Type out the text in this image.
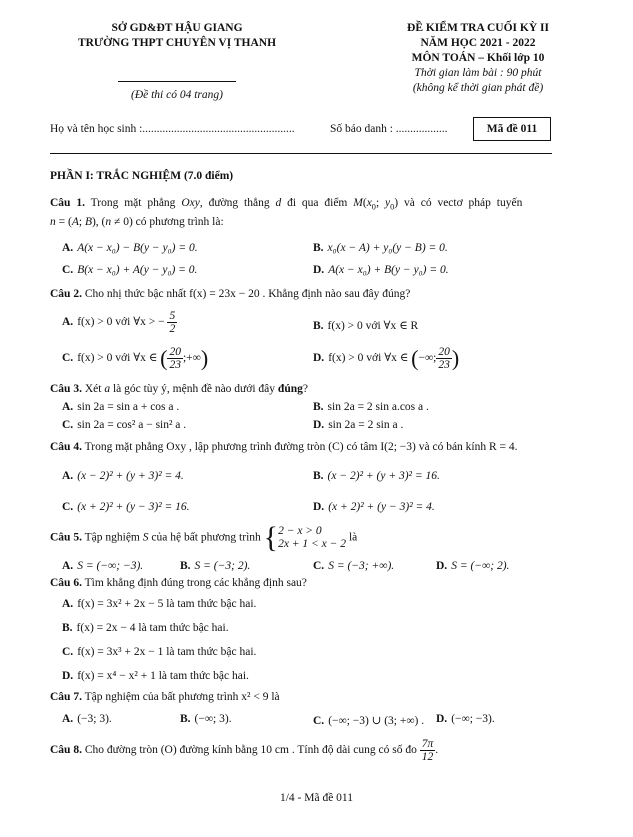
SỞ GD&ĐT HẬU GIANG
TRƯỜNG THPT CHUYÊN VỊ THANH
(Đề thi có 04 trang)
ĐỀ KIỂM TRA CUỐI KỲ II
NĂM HỌC 2021 - 2022
MÔN TOÁN – Khối lớp 10
Thời gian làm bài : 90 phút
(không kể thời gian phát đề)
Họ và tên học sinh :.....................................................	Số báo danh : ..................	Mã đề 011
PHẦN I: TRẮC NGHIỆM (7.0 điểm)
Câu 1. Trong mặt phẳng Oxy, đường thẳng d đi qua điểm $M(x_0$; $y_0$) và có vectơ pháp tuyến
n = (A; B), (n ≠ 0) có phương trình là:
A. A(x − x₀) − B(y − y₀) = 0.	B. x₀(x − A) + y₀(y − B) = 0.
C. B(x − x₀) + A(y − y₀) = 0.	D. A(x − x₀) + B(y − y₀) = 0.
Câu 2. Cho nhị thức bậc nhất f(x) = 23x − 20 . Khẳng định nào sau đây đúng?
A. f(x) > 0 với ∀x > − $\frac{5}{2}$	B. f(x) > 0 với ∀x ∈ R
C. f(x) > 0 với ∀x ∈ ( $\frac{20}{23}$ ;+∞)	D. f(x) > 0 với ∀x ∈ (−∞; $\frac{20}{23}$ )
Câu 3. Xét a là góc tùy ý, mệnh đề nào dưới đây đúng?
A. sin 2a = sin a + cos a .	B. sin 2a = 2 sin a.cos a .
C. sin 2a = cos² a − sin² a .	D. sin 2a = 2 sin a .
Câu 4. Trong mặt phẳng Oxy , lập phương trình đường tròn (C) có tâm I(2; −3) và có bán kính R = 4.
A. (x − 2)² + (y + 3)² = 4.	B. (x − 2)² + (y + 3)² = 16.
C. (x + 2)² + (y − 3)² = 16.	D. (x + 2)² + (y − 3)² = 4.
Câu 5. Tập nghiệm S của hệ bất phương trình { 2 − x > 0
2x + 1 < x − 2
là
A. S = (−∞; −3).	B. S = (−3; 2).	C. S = (−3; +∞).	D. S = (−∞; 2).
Câu 6. Tìm khẳng định đúng trong các khẳng định sau?
A. f(x) = 3x² + 2x − 5 là tam thức bậc hai.
B. f(x) = 2x − 4 là tam thức bậc hai.
C. f(x) = 3x³ + 2x − 1 là tam thức bậc hai.
D. f(x) = x⁴ − x² + 1 là tam thức bậc hai.
Câu 7. Tập nghiệm của bất phương trình x² < 9 là
A. (−3; 3).	B. (−∞; 3).	C. (−∞; −3) ∪ (3; +∞) . D. (−∞; −3).
Câu 8. Cho đường tròn (O) đường kính bằng 10 cm . Tính độ dài cung có số đo $\frac{7\pi}{12}$ .
1/4 - Mã đề 011
